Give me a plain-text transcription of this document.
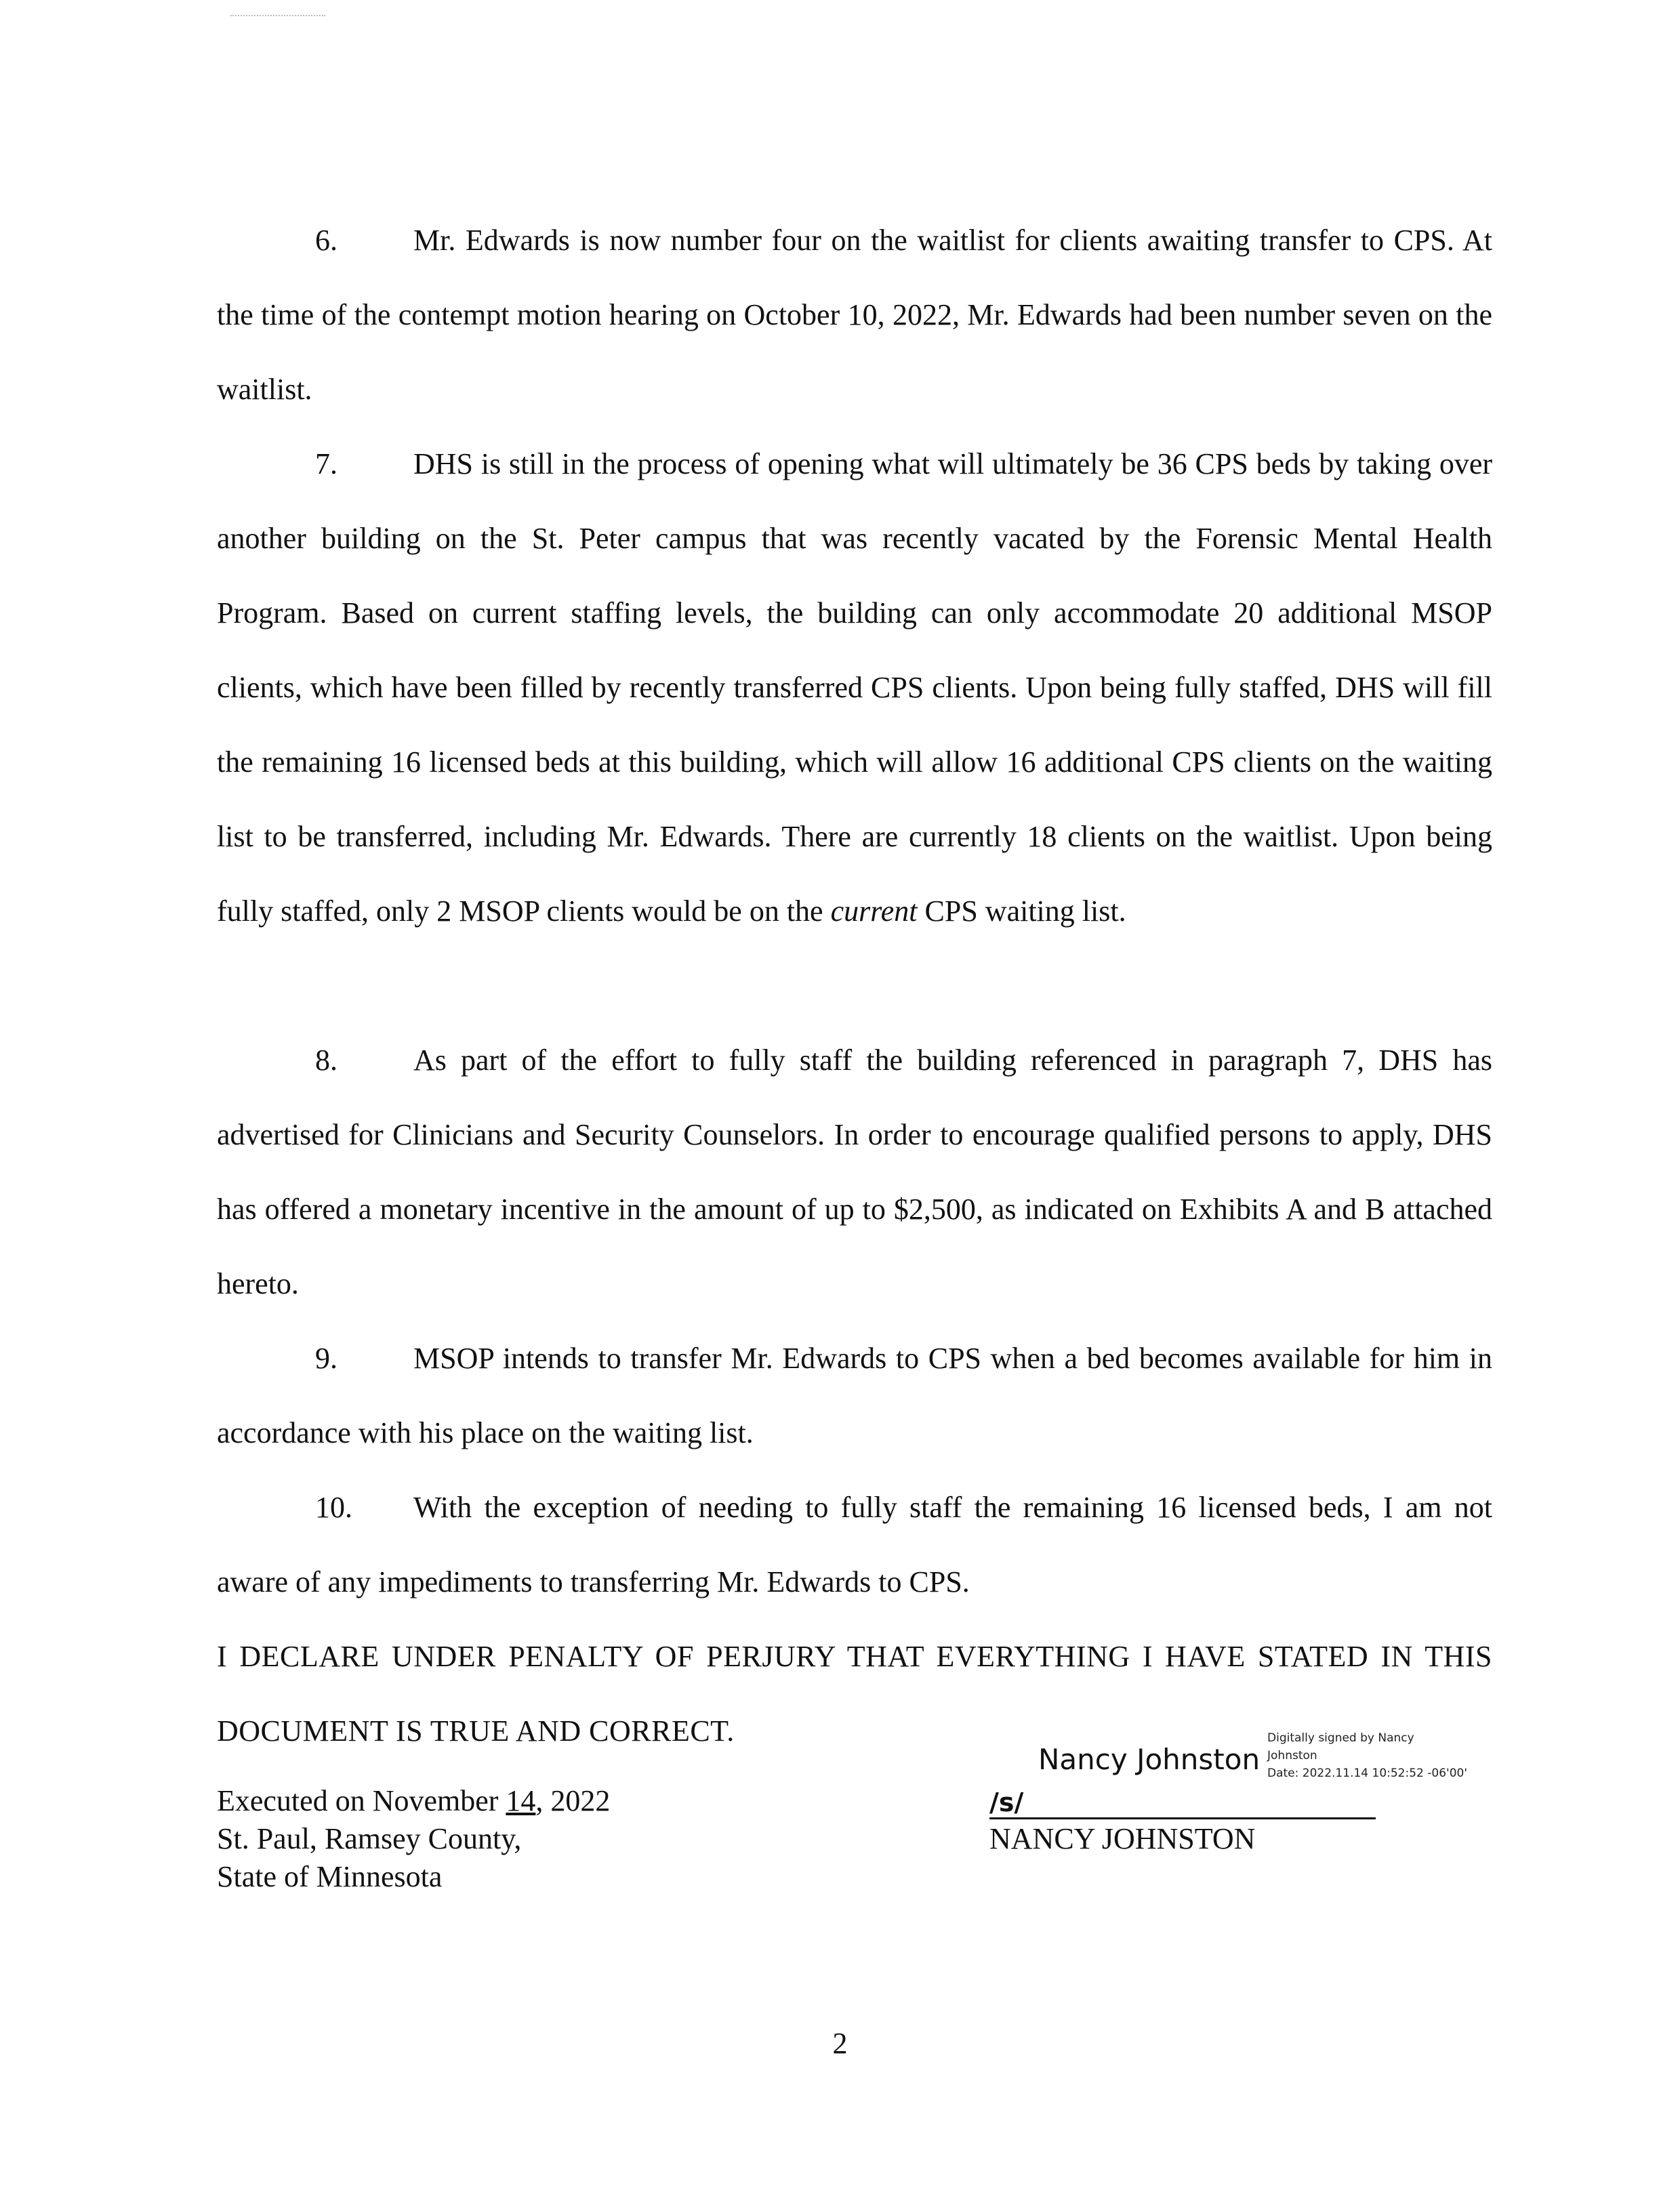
6.	Mr. Edwards is now number four on the waitlist for clients awaiting transfer to CPS. At the time of the contempt motion hearing on October 10, 2022, Mr. Edwards had been number seven on the waitlist.

7.	DHS is still in the process of opening what will ultimately be 36 CPS beds by taking over another building on the St. Peter campus that was recently vacated by the Forensic Mental Health Program. Based on current staffing levels, the building can only accommodate 20 additional MSOP clients, which have been filled by recently transferred CPS clients. Upon being fully staffed, DHS will fill the remaining 16 licensed beds at this building, which will allow 16 additional CPS clients on the waiting list to be transferred, including Mr. Edwards. There are currently 18 clients on the waitlist. Upon being fully staffed, only 2 MSOP clients would be on the current CPS waiting list.

8.	As part of the effort to fully staff the building referenced in paragraph 7, DHS has advertised for Clinicians and Security Counselors. In order to encourage qualified persons to apply, DHS has offered a monetary incentive in the amount of up to $2,500, as indicated on Exhibits A and B attached hereto.

9.	MSOP intends to transfer Mr. Edwards to CPS when a bed becomes available for him in accordance with his place on the waiting list.

10. With the exception of needing to fully staff the remaining 16 licensed beds, I am not aware of any impediments to transferring Mr. Edwards to CPS.

I DECLARE UNDER PENALTY OF PERJURY THAT EVERYTHING I HAVE STATED IN THIS DOCUMENT IS TRUE AND CORRECT.

Executed on November 14, 2022
St. Paul, Ramsey County,
State of Minnesota
Nancy Johnston
Digitally signed by Nancy
Johnston
Date: 2022.11.14 10:52:52 -06'00'
/s/
NANCY JOHNSTON
2
